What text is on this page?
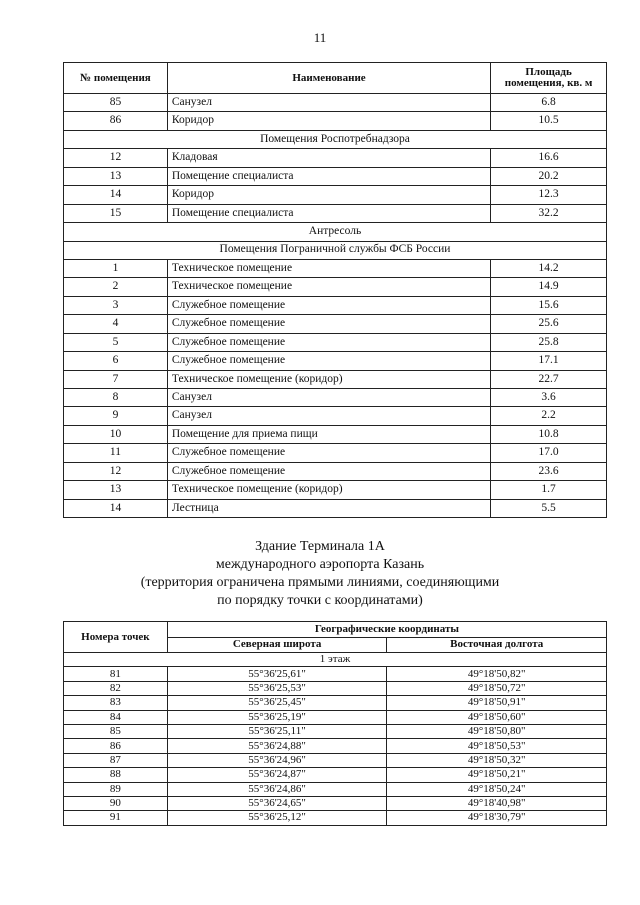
11
№ помещения	Наименование	Площадь помещения, кв. м
85	Санузел	6.8
86	Коридор	10.5
Помещения Роспотребнадзора		
12	Кладовая	16.6
13	Помещение специалиста	20.2
14	Коридор	12.3
15	Помещение специалиста	32.2
Антресоль		
Помещения Пограничной службы ФСБ России		
1	Техническое помещение	14.2
2	Техническое помещение	14.9
3	Служебное помещение	15.6
4	Служебное помещение	25.6
5	Служебное помещение	25.8
6	Служебное помещение	17.1
7	Техническое помещение (коридор)	22.7
8	Санузел	3.6
9	Санузел	2.2
10	Помещение для приема пищи	10.8
11	Служебное помещение	17.0
12	Служебное помещение	23.6
13	Техническое помещение (коридор)	1.7
14	Лестница	5.5
Здание Терминала 1А
международного аэропорта Казань
(территория ограничена прямыми линиями, соединяющими
по порядку точки с координатами)
Номера точек	Географические координаты	
	Северная широта	Восточная долгота
1 этаж		
81	55°36'25,61"	49°18'50,82"
82	55°36'25,53"	49°18'50,72"
83	55°36'25,45"	49°18'50,91"
84	55°36'25,19"	49°18'50,60"
85	55°36'25,11"	49°18'50,80"
86	55°36'24,88"	49°18'50,53"
87	55°36'24,96"	49°18'50,32"
88	55°36'24,87"	49°18'50,21"
89	55°36'24,86"	49°18'50,24"
90	55°36'24,65"	49°18'40,98"
91	55°36'25,12"	49°18'30,79"
